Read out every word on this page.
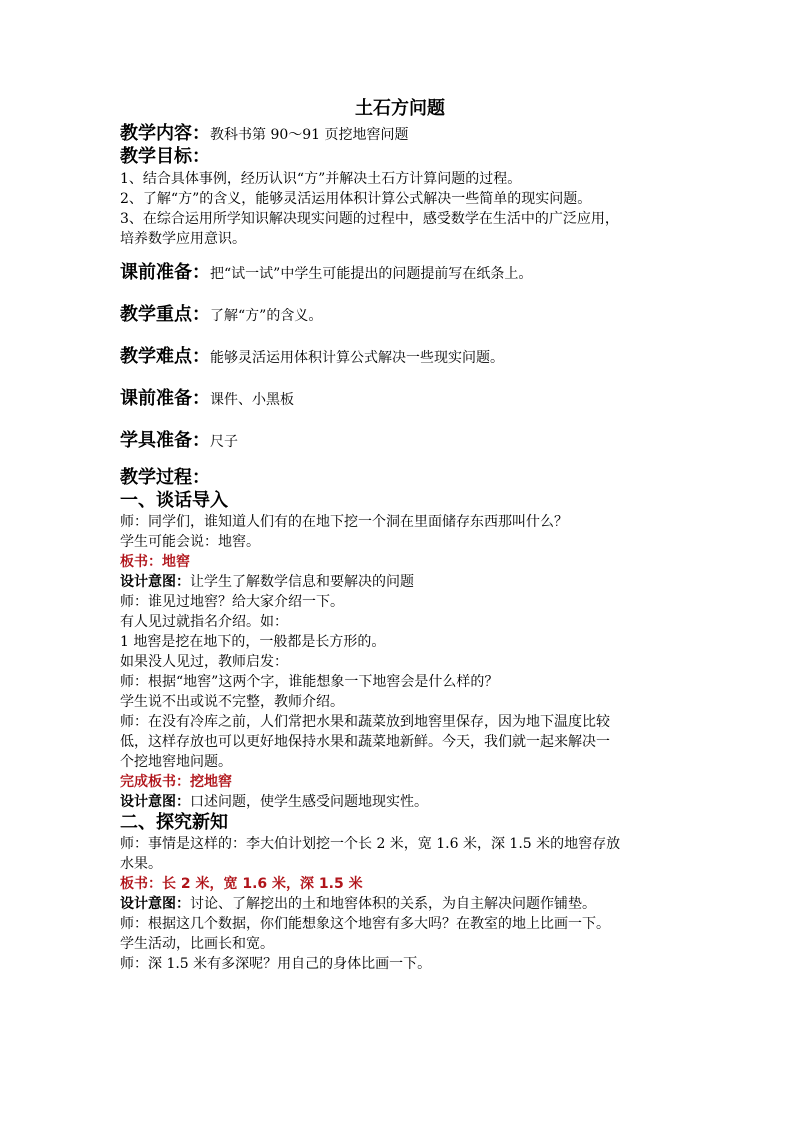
土石方问题

教学内容：教科书第 90～91 页挖地窖问题

教学目标：

1、结合具体事例，经历认识“方”并解决土石方计算问题的过程。

2、了解“方”的含义，能够灵活运用体积计算公式解决一些简单的现实问题。

3、在综合运用所学知识解决现实问题的过程中，感受数学在生活中的广泛应用，

培养数学应用意识。

课前准备：把“试一试”中学生可能提出的问题提前写在纸条上。

教学重点：了解“方”的含义。

教学难点：能够灵活运用体积计算公式解决一些现实问题。

课前准备：课件、小黑板

学具准备：尺子

教学过程：

一、谈话导入

师：同学们，谁知道人们有的在地下挖一个洞在里面储存东西那叫什么？

学生可能会说：地窖。

板书：地窖

设计意图：让学生了解数学信息和要解决的问题

师：谁见过地窖？给大家介绍一下。

有人见过就指名介绍。如：

1 地窖是挖在地下的，一般都是长方形的。

如果没人见过，教师启发：

师：根据“地窖”这两个字，谁能想象一下地窖会是什么样的？

学生说不出或说不完整，教师介绍。

师：在没有冷库之前，人们常把水果和蔬菜放到地窖里保存，因为地下温度比较

低，这样存放也可以更好地保持水果和蔬菜地新鲜。今天，我们就一起来解决一

个挖地窖地问题。

完成板书：挖地窖

设计意图：口述问题，使学生感受问题地现实性。

二、探究新知

师：事情是这样的：李大伯计划挖一个长 2 米，宽 1.6 米，深 1.5 米的地窖存放

水果。

板书：长 2 米，宽 1.6 米，深 1.5 米

设计意图：讨论、了解挖出的土和地窖体积的关系，为自主解决问题作铺垫。

师：根据这几个数据，你们能想象这个地窖有多大吗？在教室的地上比画一下。

学生活动，比画长和宽。

师：深 1.5 米有多深呢？用自己的身体比画一下。
